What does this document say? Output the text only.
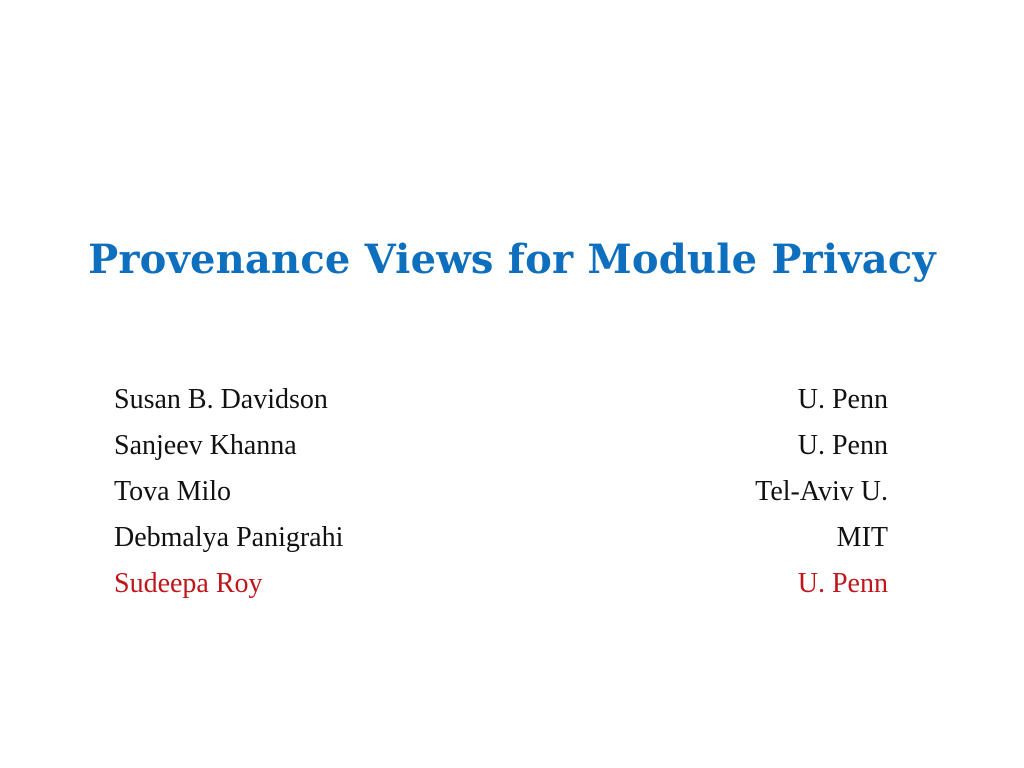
Provenance Views for Module Privacy
Susan B. Davidson	U. Penn
Sanjeev Khanna	U. Penn
Tova Milo	Tel-Aviv U.
Debmalya Panigrahi	MIT
Sudeepa Roy	U. Penn
